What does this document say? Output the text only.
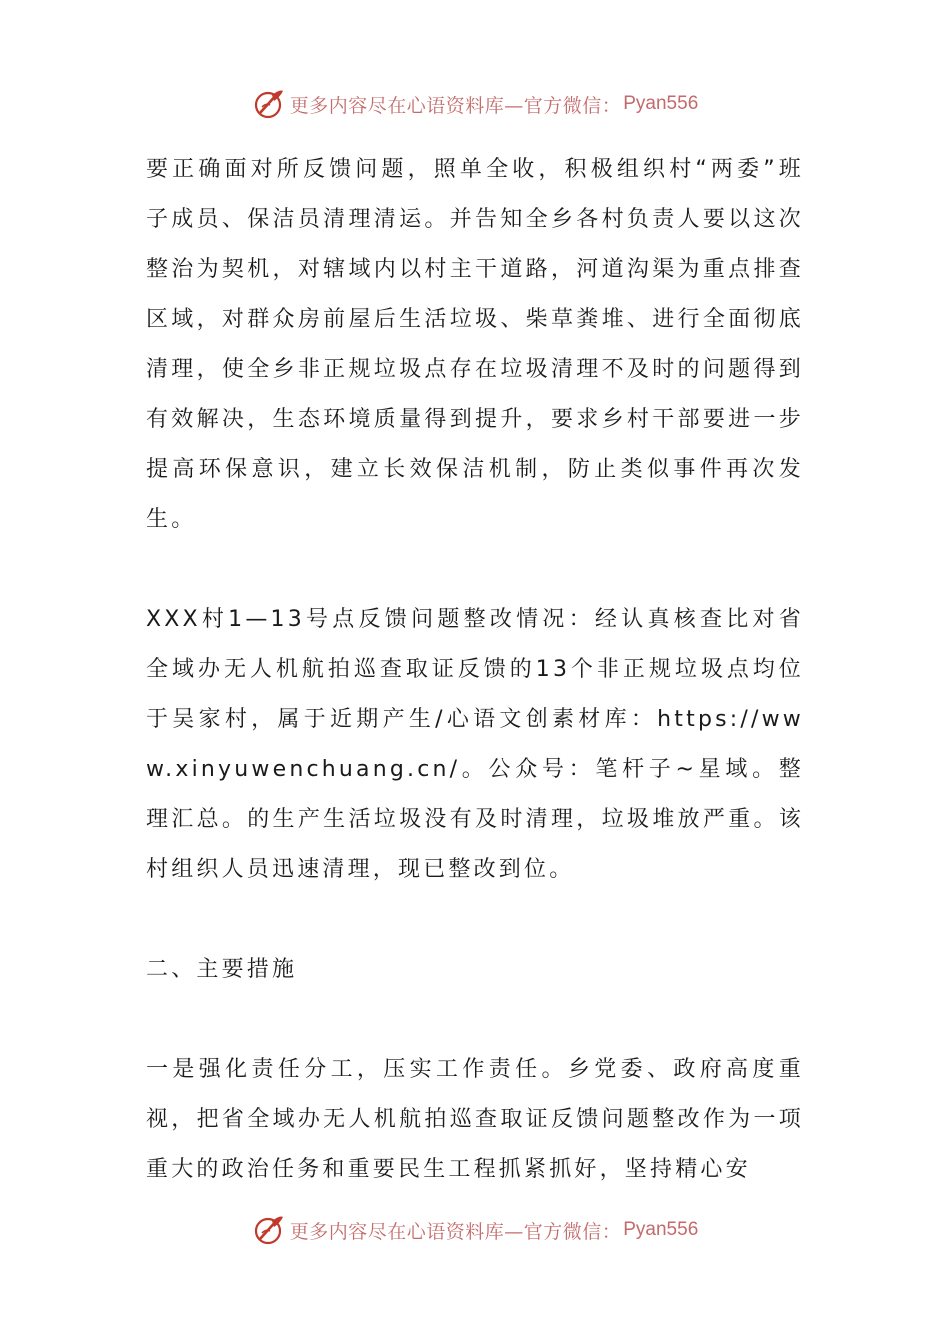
更多内容尽在心语资料库—官方微信： Pyan556

要正确面对所反馈问题，照单全收，积极组织村“两委”班子成员、保洁员清理清运。并告知全乡各村负责人要以这次整治为契机，对辖域内以村主干道路，河道沟渠为重点排查区域，对群众房前屋后生活垃圾、柴草粪堆、进行全面彻底清理，使全乡非正规垃圾点存在垃圾清理不及时的问题得到有效解决，生态环境质量得到提升，要求乡村干部要进一步提高环保意识，建立长效保洁机制，防止类似事件再次发生。

XXX村1—13号点反馈问题整改情况：经认真核查比对省全域办无人机航拍巡查取证反馈的13个非正规垃圾点均位于吴家村，属于近期产生/心语文创素材库：https://www.xinyuwenchuang.cn/。公众号：笔杆子~星域。整理汇总。的生产生活垃圾没有及时清理，垃圾堆放严重。该村组织人员迅速清理，现已整改到位。

二、主要措施

一是强化责任分工，压实工作责任。乡党委、政府高度重视，把省全域办无人机航拍巡查取证反馈问题整改作为一项重大的政治任务和重要民生工程抓紧抓好，坚持精心安

更多内容尽在心语资料库—官方微信： Pyan556
